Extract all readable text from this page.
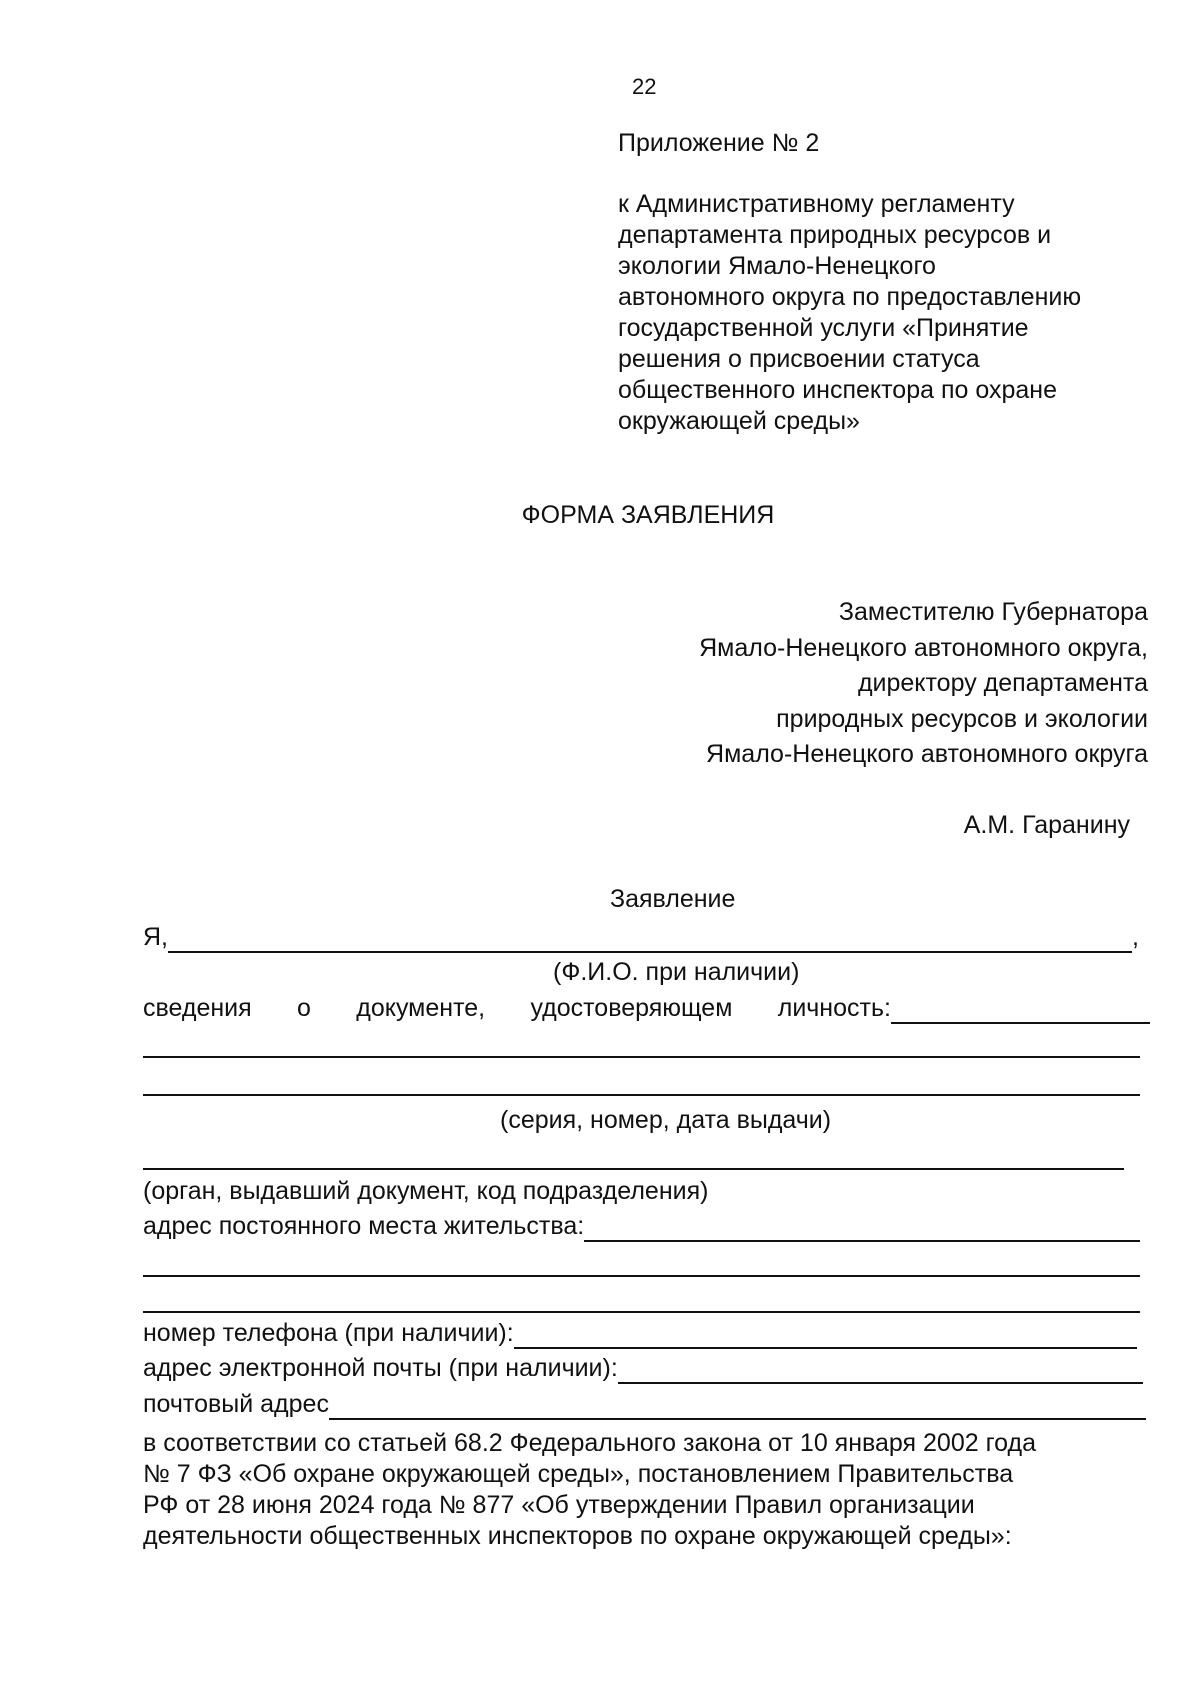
22

Приложение № 2

к Административному регламенту
департамента природных ресурсов и
экологии Ямало-Ненецкого
автономного округа по предоставлению
государственной услуги «Принятие
решения о присвоении статуса
общественного инспектора по охране
окружающей среды»

ФОРМА ЗАЯВЛЕНИЯ

Заместителю Губернатора
Ямало-Ненецкого автономного округа,
директору департамента
природных ресурсов и экологии
Ямало-Ненецкого автономного округа

А.М. Гаранину

Заявление

Я,	,

(Ф.И.О. при наличии)

сведения о документе, удостоверяющем личность:

(серия, номер, дата выдачи)

(орган, выдавший документ, код подразделения)

адрес постоянного места жительства:
номер телефона (при наличии):
адрес электронной почты (при наличии):
почтовый адрес

в соответствии со статьей 68.2 Федерального закона от 10 января 2002 года
№ 7 ФЗ «Об охране окружающей среды», постановлением Правительства
РФ от 28 июня 2024 года № 877 «Об утверждении Правил организации
деятельности общественных инспекторов по охране окружающей среды»:
